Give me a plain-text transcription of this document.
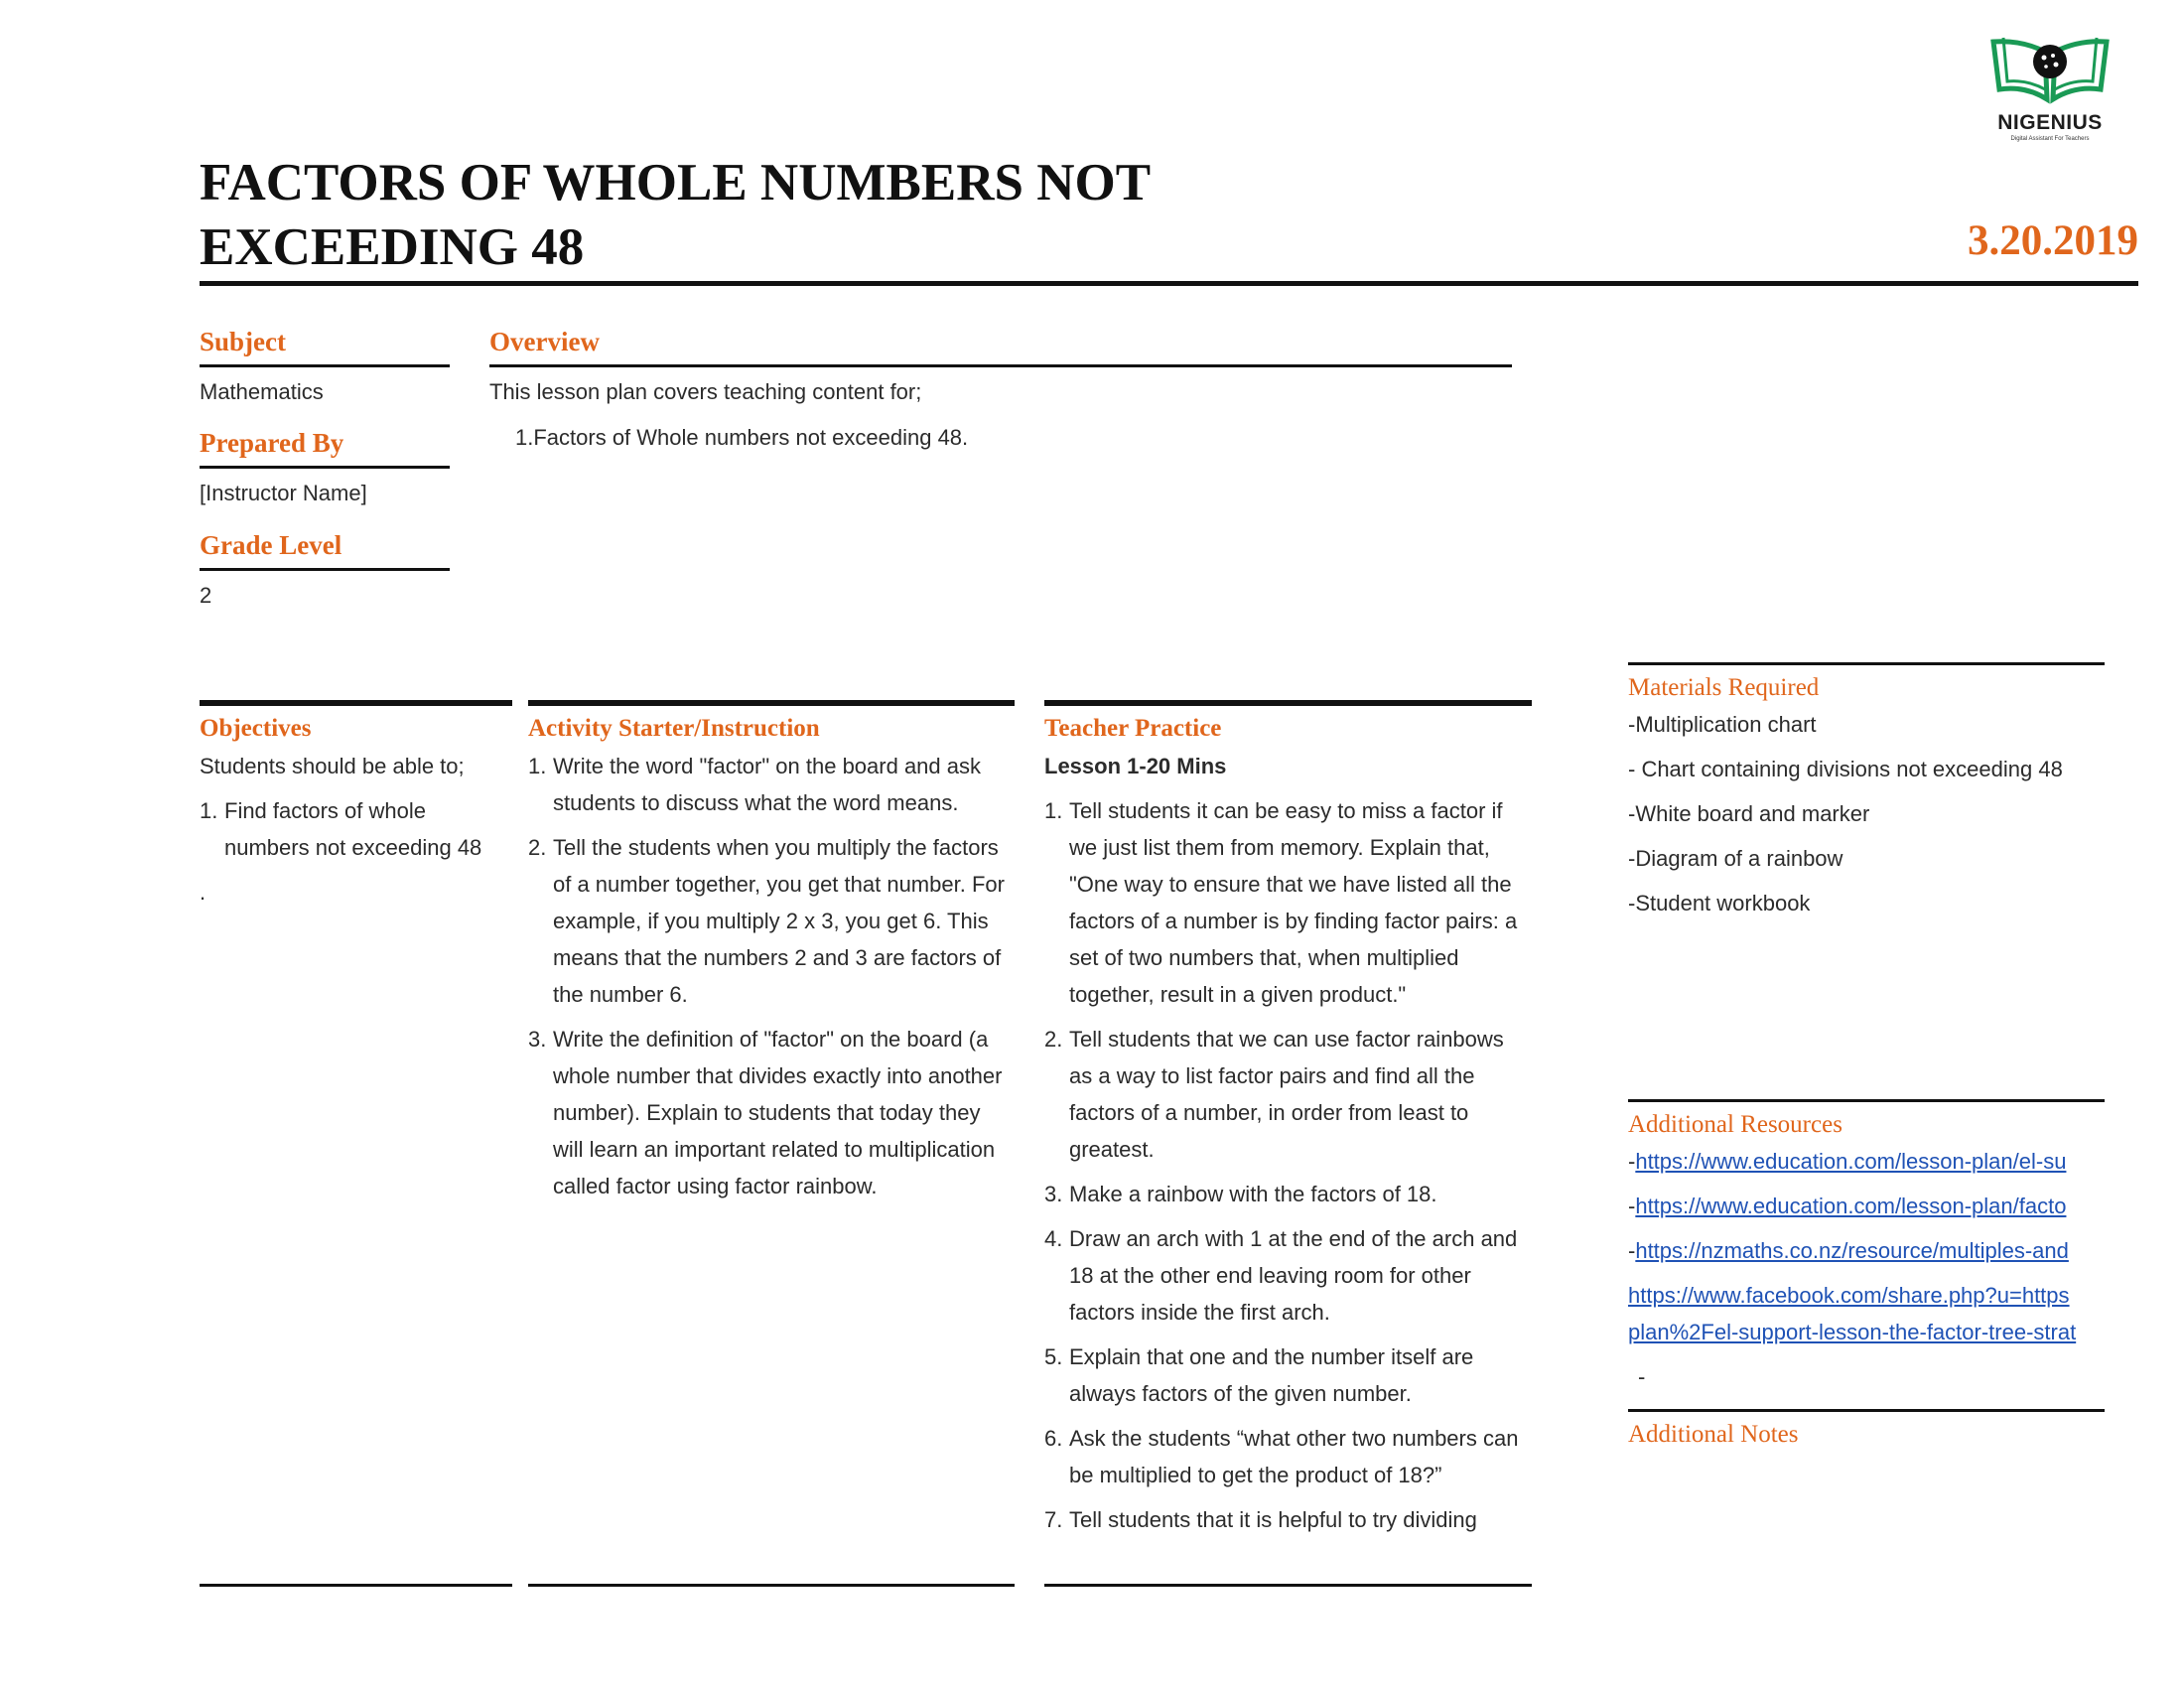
NIGENIUS
Digital Assistant For Teachers
FACTORS OF WHOLE NUMBERS NOT
EXCEEDING 48	3.20.2019
Subject
Mathematics
Prepared By
[Instructor Name]
Grade Level
2
Overview
This lesson plan covers teaching content for;
1.Factors of Whole numbers not exceeding 48.
Objectives
Students should be able to;
1. Find factors of whole numbers not exceeding 48
.
Activity Starter/Instruction
1. Write the word "factor" on the board and ask students to discuss what the word means.
2. Tell the students when you multiply the factors of a number together, you get that number. For example, if you multiply 2 x 3, you get 6. This means that the numbers 2 and 3 are factors of the number 6.
3. Write the definition of "factor" on the board (a whole number that divides exactly into another number). Explain to students that today they will learn an important related to multiplication called factor using factor rainbow.
Teacher Practice
Lesson 1-20 Mins
1. Tell students it can be easy to miss a factor if we just list them from memory. Explain that, "One way to ensure that we have listed all the factors of a number is by finding factor pairs: a set of two numbers that, when multiplied together, result in a given product."
2. Tell students that we can use factor rainbows as a way to list factor pairs and find all the factors of a number, in order from least to greatest.
3. Make a rainbow with the factors of 18.
4. Draw an arch with 1 at the end of the arch and 18 at the other end leaving room for other factors inside the first arch.
5. Explain that one and the number itself are always factors of the given number.
6. Ask the students “what other two numbers can be multiplied to get the product of 18?”
7. Tell students that it is helpful to try dividing
Materials Required

-Multiplication chart

- Chart containing divisions not exceeding 48

-White board and marker

-Diagram of a rainbow

-Student workbook

Additional Resources

-https://www.education.com/lesson-plan/el-su

-https://www.education.com/lesson-plan/facto

-https://nzmaths.co.nz/resource/multiples-and

https://www.facebook.com/share.php?u=https

plan%2Fel-support-lesson-the-factor-tree-strat

-

Additional Notes
